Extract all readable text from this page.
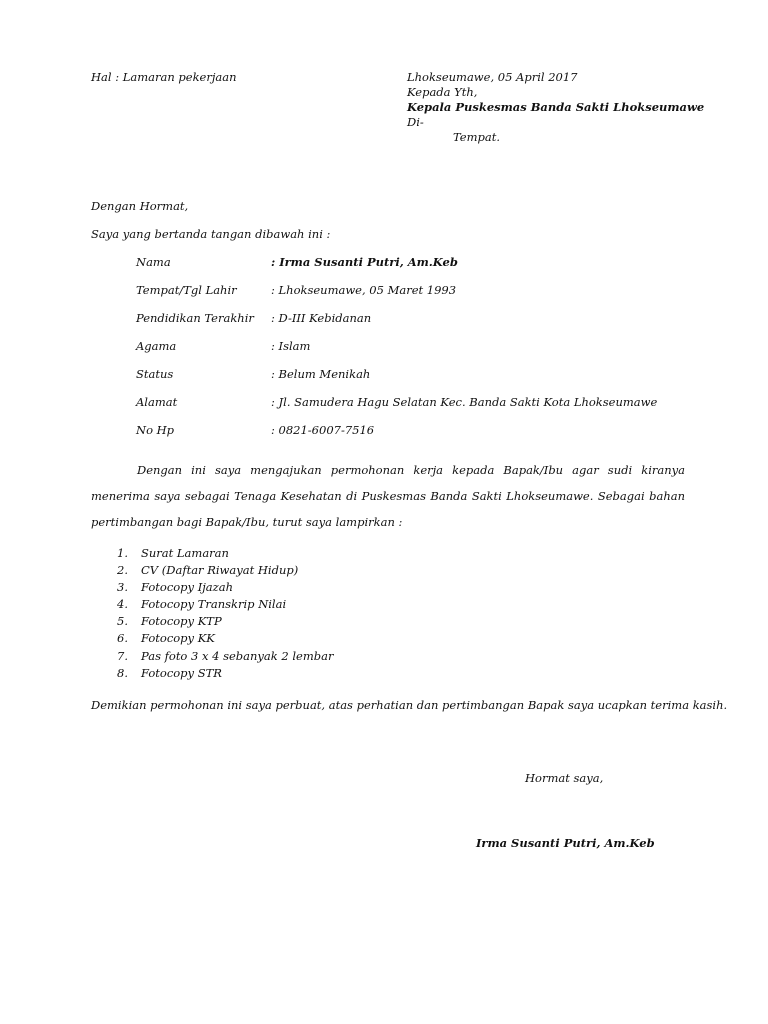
Hal : Lamaran pekerjaan	Lhokseumawe, 05 April 2017
Kepada Yth,
Kepala Puskesmas Banda Sakti Lhokseumawe
Di-
Tempat.
Dengan Hormat,
Saya yang bertanda tangan dibawah ini :
Nama	: Irma Susanti Putri, Am.Keb
Tempat/Tgl Lahir	: Lhokseumawe, 05 Maret 1993
Pendidikan Terakhir : D-III Kebidanan
Agama	: Islam
Status	: Belum Menikah
Alamat	: Jl. Samudera Hagu Selatan Kec. Banda Sakti Kota Lhokseumawe
No Hp	: 0821-6007-7516
Dengan ini saya mengajukan permohonan kerja kepada Bapak/Ibu agar sudi kiranya menerima saya sebagai Tenaga Kesehatan di Puskesmas Banda Sakti Lhokseumawe. Sebagai bahan pertimbangan bagi Bapak/Ibu, turut saya lampirkan :
1. Surat Lamaran
2. CV (Daftar Riwayat Hidup)
3. Fotocopy Ijazah
4. Fotocopy Transkrip Nilai
5. Fotocopy KTP
6. Fotocopy KK
7. Pas foto 3 x 4 sebanyak 2 lembar
8. Fotocopy STR
Demikian permohonan ini saya perbuat, atas perhatian dan pertimbangan Bapak saya ucapkan terima kasih.
Hormat saya,
Irma Susanti Putri, Am.Keb
